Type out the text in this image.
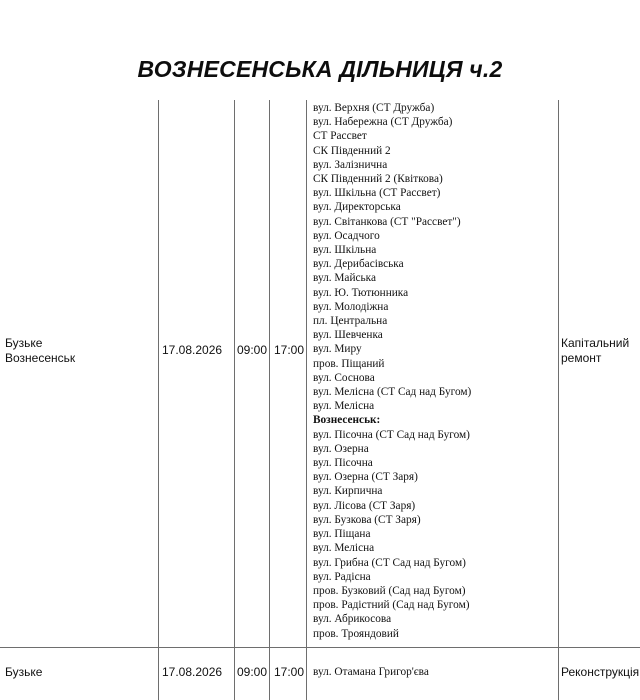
ВОЗНЕСЕНСЬКА ДІЛЬНИЦЯ ч.2
Бузьке
Вознесенськ
17.08.2026 09:00 17:00
вул. Верхня (СТ Дружба)
вул. Набережна (СТ Дружба)
СТ Рассвет
СК Південний 2
вул. Залізнична
СК Південний 2 (Квіткова)
вул. Шкільна (СТ Рассвет)
вул. Директорська
вул. Світанкова (СТ "Рассвет")
вул. Осадчого
вул. Шкільна
вул. Дерибасівська
вул. Майська
вул. Ю. Тютюнника
вул. Молодіжна
пл. Центральна
вул. Шевченка
вул. Миру
пров. Піщаний
вул. Соснова
вул. Мелісна (СТ Сад над Бугом)
вул. Мелісна
Вознесенськ:
вул. Пісочна (СТ Сад над Бугом)
вул. Озерна
вул. Пісочна
вул. Озерна (СТ Заря)
вул. Кирпична
вул. Лісова (СТ Заря)
вул. Бузкова (СТ Заря)
вул. Піщана
вул. Мелісна
вул. Грибна (СТ Сад над Бугом)
вул. Радісна
пров. Бузковий (Сад над Бугом)
пров. Радістний (Сад над Бугом)
вул. Абрикосова
пров. Трояндовий
Капітальний
ремонт
Бузьке	17.08.2026 09:00 17:00 вул. Отамана Григор'єва	Реконструкція
